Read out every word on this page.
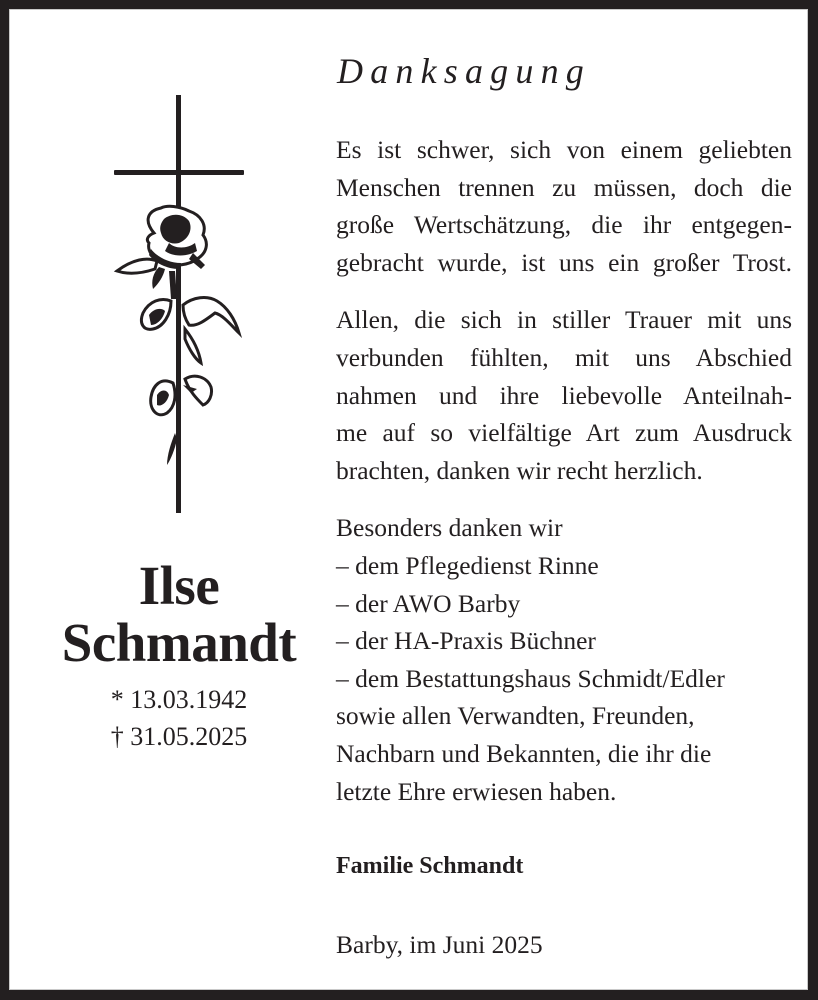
Danksagung
Ilse
Schmandt
* 13.03.1942
† 31.05.2025
Es ist schwer, sich von einem geliebten
Menschen trennen zu müssen, doch die
große Wertschätzung, die ihr entgegen-
gebracht wurde, ist uns ein großer Trost.
Allen, die sich in stiller Trauer mit uns
verbunden fühlten, mit uns Abschied
nahmen und ihre liebevolle Anteilnah-
me auf so vielfältige Art zum Ausdruck
brachten, danken wir recht herzlich.
Besonders danken wir
– dem Pflegedienst Rinne
– der AWO Barby
– der HA-Praxis Büchner
– dem Bestattungshaus Schmidt/Edler
sowie allen Verwandten, Freunden,
Nachbarn und Bekannten, die ihr die
letzte Ehre erwiesen haben.
Familie Schmandt
Barby, im Juni 2025
